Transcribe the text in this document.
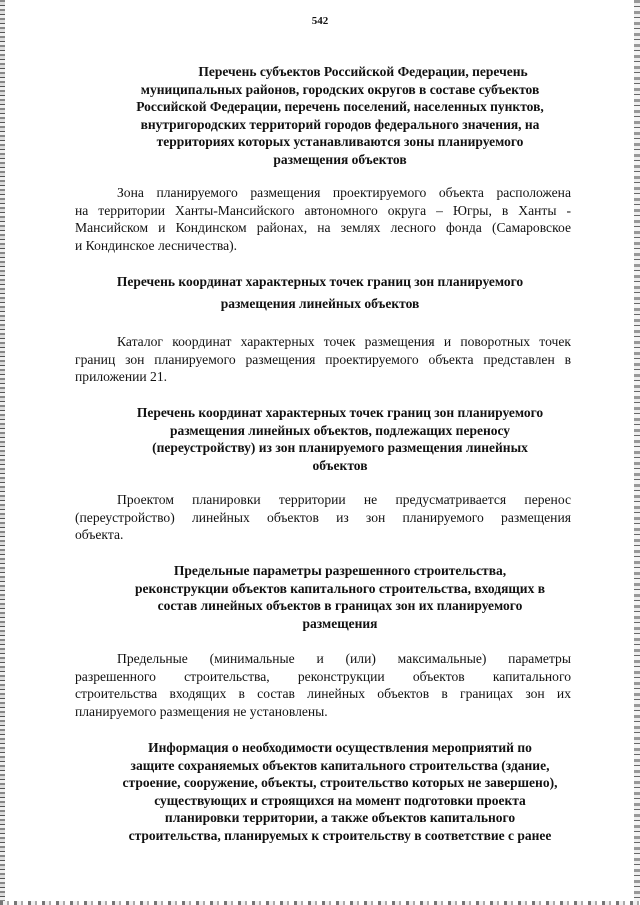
542
Перечень субъектов Российской Федерации, перечень
муниципальных районов, городских округов в составе субъектов
Российской Федерации, перечень поселений, населенных пунктов,
внутригородских территорий городов федерального значения, на
территориях которых устанавливаются зоны планируемого
размещения объектов
Зона планируемого размещения проектируемого объекта расположена
на территории Ханты-Мансийского автономного округа – Югры, в Ханты -
Мансийском и Кондинском районах, на землях лесного фонда (Самаровское
и Кондинское лесничества).
Перечень координат характерных точек границ зон планируемого
размещения линейных объектов
Каталог координат характерных точек размещения и поворотных точек
границ зон планируемого размещения проектируемого объекта представлен в
приложении 21.
Перечень координат характерных точек границ зон планируемого
размещения линейных объектов, подлежащих переносу
(переустройству) из зон планируемого размещения линейных
объектов
Проектом планировки территории не предусматривается перенос
(переустройство) линейных объектов из зон планируемого размещения
объекта.
Предельные параметры разрешенного строительства,
реконструкции объектов капитального строительства, входящих в
состав линейных объектов в границах зон их планируемого
размещения
Предельные (минимальные и (или) максимальные) параметры
разрешенного строительства, реконструкции объектов капитального
строительства входящих в состав линейных объектов в границах зон их
планируемого размещения не установлены.
Информация о необходимости осуществления мероприятий по
защите сохраняемых объектов капитального строительства (здание,
строение, сооружение, объекты, строительство которых не завершено),
существующих и строящихся на момент подготовки проекта
планировки территории, а также объектов капитального
строительства, планируемых к строительству в соответствие с ранее
